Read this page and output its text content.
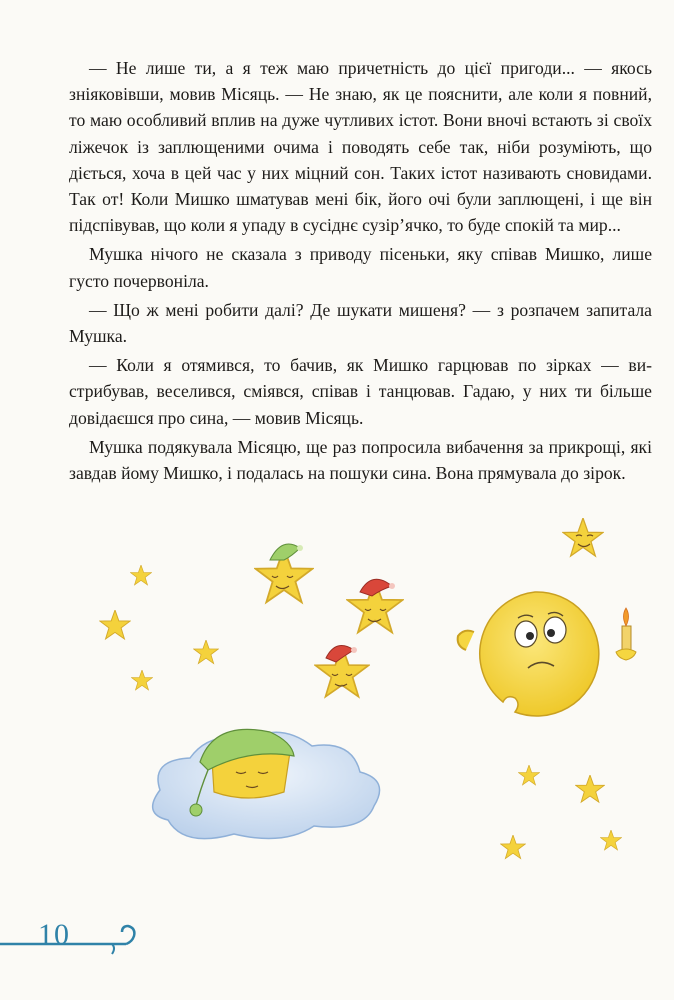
— Не лише ти, а я теж маю причетність до цієї пригоди... — якось зніяковівши, мовив Місяць. — Не знаю, як це пояснити, але коли я повний, то маю особливий вплив на дуже чутливих істот. Вони вночі встають зі своїх ліжечок із заплющеними очима і поводять себе так, ніби розуміють, що діється, хоча в цей час у них міцний сон. Таких істот називають сновидами. Так от! Коли Мишко шматував мені бік, його очі були заплющені, і ще він підспівував, що коли я упаду в сусіднє сузір’ячко, то буде спокій та мир...

Мушка нічого не сказала з приводу пісеньки, яку співав Мишко, лише густо почервоніла.

— Що ж мені робити далі? Де шукати мишеня? — з розпачем запитала Мушка.

— Коли я отямився, то бачив, як Мишко гарцював по зірках — вистрибував, веселився, сміявся, співав і танцював. Гадаю, у них ти більше довідаєшся про сина, — мовив Місяць.

Мушка подякувала Місяцю, ще раз попросила вибачення за прикрощі, які завдав йому Мишко, і подалась на пошуки сина. Вона прямувала до зірок.

10
